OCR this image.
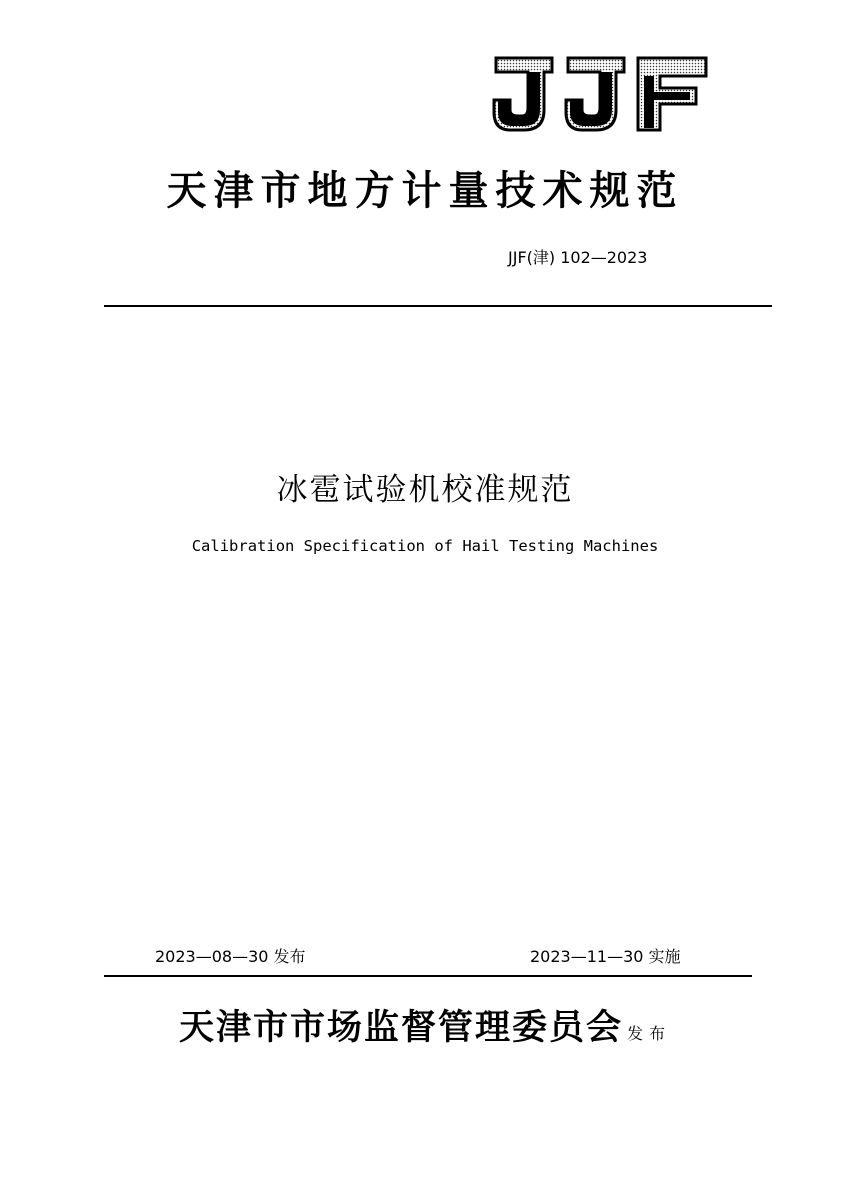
天津市地方计量技术规范
JJF(津) 102—2023
冰雹试验机校准规范
Calibration Specification of Hail Testing Machines
2023—08—30 发布	2023—11—30 实施
天津市市场监督管理委员会 发布
